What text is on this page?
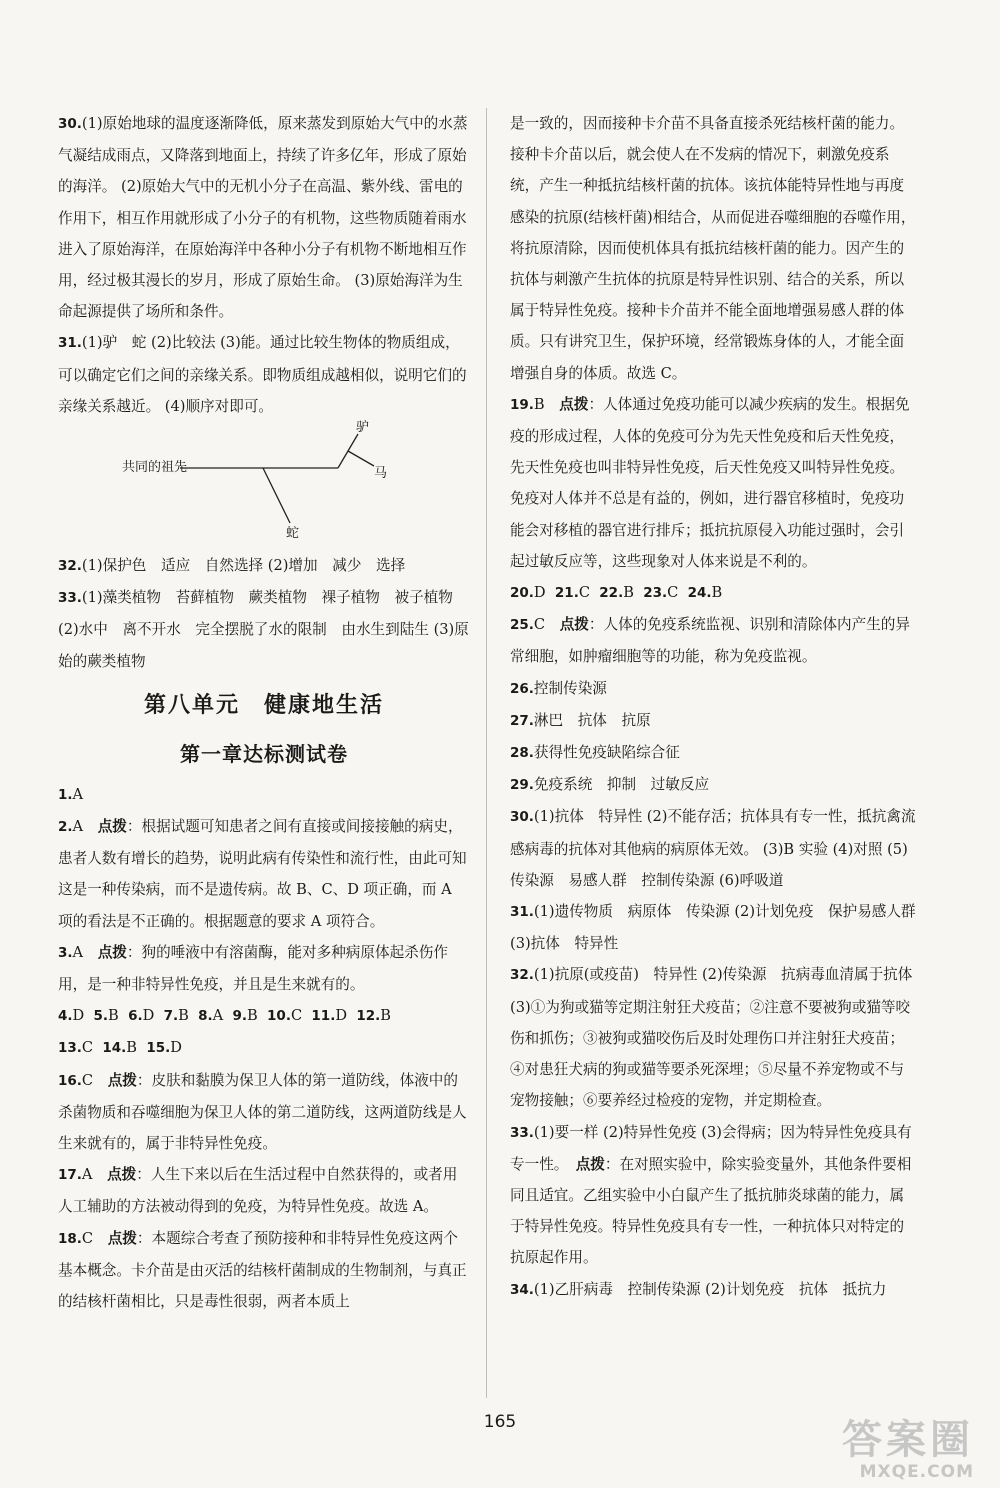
30.(1)原始地球的温度逐渐降低，原来蒸发到原始大气中的水蒸气凝结成雨点，又降落到地面上，持续了许多亿年，形成了原始的海洋。 (2)原始大气中的无机小分子在高温、紫外线、雷电的作用下，相互作用就形成了小分子的有机物，这些物质随着雨水进入了原始海洋，在原始海洋中各种小分子有机物不断地相互作用，经过极其漫长的岁月，形成了原始生命。 (3)原始海洋为生命起源提供了场所和条件。

31.(1)驴　蛇 (2)比较法 (3)能。通过比较生物体的物质组成，可以确定它们之间的亲缘关系。即物质组成越相似，说明它们的亲缘关系越近。 (4)顺序对即可。

共同的祖先
驴
马
蛇

32.(1)保护色　适应　自然选择 (2)增加　减少　选择

33.(1)藻类植物　苔藓植物　蕨类植物　裸子植物　被子植物 (2)水中　离不开水　完全摆脱了水的限制　由水生到陆生 (3)原始的蕨类植物

第八单元 健康地生活
第一章达标测试卷

1.A

2.A　 点拨：根据试题可知患者之间有直接或间接接触的病史，患者人数有增长的趋势，说明此病有传染性和流行性，由此可知这是一种传染病，而不是遗传病。故 B、C、D 项正确，而 A 项的看法是不正确的。根据题意的要求 A 项符合。

3.A　 点拨：狗的唾液中有溶菌酶，能对多种病原体起杀伤作用，是一种非特异性免疫，并且是生来就有的。

4.D 5.B 6.D 7.B 8.A 9.B 10.C 11.D 12.B

13.C 14.B 15.D

16.C　 点拨：皮肤和黏膜为保卫人体的第一道防线，体液中的杀菌物质和吞噬细胞为保卫人体的第二道防线，这两道防线是人生来就有的，属于非特异性免疫。

17.A　 点拨：人生下来以后在生活过程中自然获得的，或者用人工辅助的方法被动得到的免疫，为特异性免疫。故选 A。

18.C　 点拨：本题综合考查了预防接种和非特异性免疫这两个基本概念。卡介苗是由灭活的结核杆菌制成的生物制剂，与真正的结核杆菌相比，只是毒性很弱，两者本质上

是一致的，因而接种卡介苗不具备直接杀死结核杆菌的能力。接种卡介苗以后，就会使人在不发病的情况下，刺激免疫系统，产生一种抵抗结核杆菌的抗体。该抗体能特异性地与再度感染的抗原(结核杆菌)相结合，从而促进吞噬细胞的吞噬作用，将抗原清除，因而使机体具有抵抗结核杆菌的能力。因产生的抗体与刺激产生抗体的抗原是特异性识别、结合的关系，所以属于特异性免疫。接种卡介苗并不能全面地增强易感人群的体质。只有讲究卫生，保护环境，经常锻炼身体的人，才能全面增强自身的体质。故选 C。

19.B　 点拨：人体通过免疫功能可以减少疾病的发生。根据免疫的形成过程，人体的免疫可分为先天性免疫和后天性免疫，先天性免疫也叫非特异性免疫，后天性免疫又叫特异性免疫。免疫对人体并不总是有益的，例如，进行器官移植时，免疫功能会对移植的器官进行排斥；抵抗抗原侵入功能过强时，会引起过敏反应等，这些现象对人体来说是不利的。

20.D 21.C 22.B 23.C 24.B

25.C　 点拨：人体的免疫系统监视、识别和清除体内产生的异常细胞，如肿瘤细胞等的功能，称为免疫监视。

26.控制传染源

27.淋巴　抗体　抗原

28.获得性免疫缺陷综合征

29.免疫系统　抑制　过敏反应

30.(1)抗体　特异性 (2)不能存活；抗体具有专一性，抵抗禽流感病毒的抗体对其他病的病原体无效。 (3)B 实验 (4)对照 (5)传染源　易感人群　控制传染源 (6)呼吸道

31.(1)遗传物质　病原体　传染源 (2)计划免疫　保护易感人群 (3)抗体　特异性

32.(1)抗原(或疫苗)　特异性 (2)传染源　抗病毒血清属于抗体 (3)①为狗或猫等定期注射狂犬疫苗；②注意不要被狗或猫等咬伤和抓伤；③被狗或猫咬伤后及时处理伤口并注射狂犬疫苗；④对患狂犬病的狗或猫等要杀死深埋；⑤尽量不养宠物或不与宠物接触；⑥要养经过检疫的宠物，并定期检查。

33.(1)要一样 (2)特异性免疫 (3)会得病；因为特异性免疫具有专一性。　 点拨：在对照实验中，除实验变量外，其他条件要相同且适宜。乙组实验中小白鼠产生了抵抗肺炎球菌的能力，属于特异性免疫。特异性免疫具有专一性，一种抗体只对特定的抗原起作用。

34.(1)乙肝病毒　控制传染源 (2)计划免疫　抗体　抵抗力

165	答案圈
MXQE.COM
